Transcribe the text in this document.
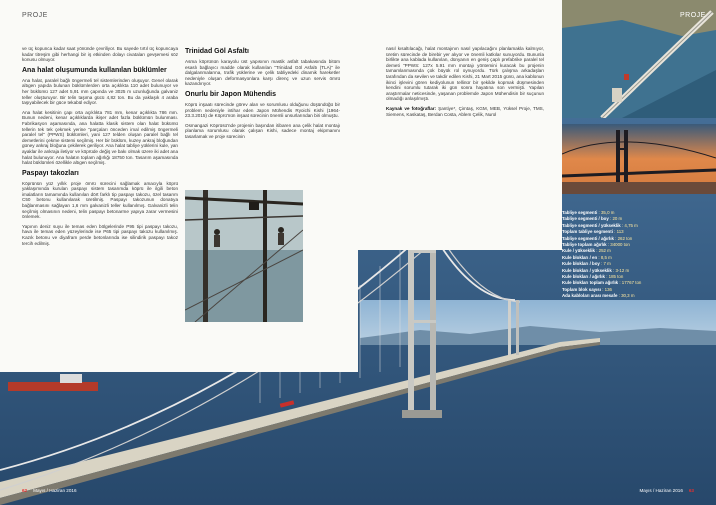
PROJE

ve üç kopunca kadar saat yönünde çevriliyor. Bu sayede tırtıl üç kopuncaya kadar titreşim gibi herhangi bir iş etkinden dolayı civataları gevşemesi söz konusu olmuyor.

Ana halat oluşumunda kullanılan büklümler

Ana halat, paralel bağlı öngermeli tel sistemlerinden oluşuyor. Genel olarak altıgen yapıda bulunan büklümlerden orta açıklıkta 110 adet bulunuyor ve her büklümü 127 adet 5,91 mm çapında ve 3025 m uzunluğunda galvaniz teller oluşturuyor. Bir telin taşıma gücü 4,82 ton. Bu da yaklaşık 4 araba taşıyabilecek bir güce tekabül ediyor.

Ana halat kesitinin çapı orta açıklıkta 781 mm, kenar açıklıkta 786 mm. Bunun nedeni, kenar açıklıklarda ikişer adet fazla büklümün bulunması. Fabrikasyon aşamasında, ana halatta klasik sistem olan halat bükümü tellerin tek tek çekmek yerine "parçaları önceden imal edilmiş öngermeli paralel tel" (PPWS) büklümleri, yani 127 telden oluşan paralel bağlı tel demetlerini çekme sistemi seçilmiş. Her bir büklüm, kuzey ankraj bloğundan güney ankraj bloğuna çekilerek geriliyor. Ana halat tabliye yüklerini kule, yan ayaklar ile ankraja iletiyor ve köprüde değiş ve bakı olmak üzere iki adet ana halat bulunuyor. Ana halatın toplam ağırlığı 18750 ton. Tasarım aşamasında halat büklümleri özellikle altıgen seçilmiş.

Paspayı takozları

Köprünün yüz yıllık proje ömrü sürecini sağlamak amacıyla köprü yaklaşımında kurulan paspayı sistem tasarımda köprü ile ilgili beton imalatların tamamında kullanılan dört farklı tip paspayı takozu, özel tasarım C50 betonu kullanılarak üretilmiş. Paspayı takozunun donatıya bağlanmasını sağlayan 1,6 mm galvanizli teller kullanılmış. Galvanizli telin seçilmiş olmasının nedeni, telin paspayı betonarme yapıya zarar vermesini önlemek.

Yapının deniz suyu ile temas eden bölgelerinde P95 tipi paspayı takozu, hava ile temas eden yüzeylerinde ise P65 tipi paspayı takozu kullanılmış. Kazık betonu ve diyafram perde betonlarında ise silindirik paspayı takoz tercih edilmiş.

Trinidad Göl Asfaltı

Asma köprünün karayolu üst yapısının mastik asfalt tabakasında bitüm esaslı bağlayıcı madde olarak kullanılan "Trinidad Göl Asfaltı (TLA)" ile dalgalanmalarına, trafik yüklerine ve çelik tabliyedeki dinamik hareketler nedeniyle oluşan deformasyonlara karşı direnç ve uzun servis ömrü kazandırıyor.

Onurlu bir Japon Mühendis

Köprü inşaatı sürecinde görev alan ve sorumlusu olduğunu düşündüğü bir problem nedeniyle intihar eden Japon Mühendis Ryoichi Kishi (1964-23.3.2015) de Köprü'nün inşaat sürecinin önemli unsurlarından biri olmuştu.

Osmangazi Köprüsü'nde projenin başından itibaren ana çelik halat montajı planlama sorumlusu olarak çalışan Kishi, sadece montaj ekipmanını tasarlamak ve proje sürecinin

62 Mayıs / Haziran 2016

nasıl kısaltılacağı, halat montajının nasıl yapılacağını planlamakla kalmıyor, üretim sürecinde de birebir yer alıyor ve önemli katkılar sunuyordu. Bununla birlikte ana kablada kullanılan, dünyanın en geniş çaplı prefabrike paralel tel demeti "PPWS: 127x 5.91 mm montajı yöntemini kuracak bu projenin tamamlanmasında çok büyük rol oynuyordu. Türk çalışma arkadaşları tarafından da sevilen ve takdir edilen Kishi, 21 Mart 2015 günü, ana kablonun ikinci işlevini gören kediyolunun tellinür bir şekilde kopmak düşmesinden kendini sorumlu tutarak iki gün sonra hayatına son vermişti. Yapılan araştırmalar neticesinde, yaşanan problemde Japon Mühendisin bir suçunun olmadığı anlaşılmıştı.

Kaynak ve fotoğraflar: Şantiye*, Çimtaş, KGM, MEB, Yüksel Proje, TMS, Siemens, Kaskataş, Berdan Costa, Ablem Çelik, Nurol

PROJE
Tabliye segmenti : 35,0 m
Tabliye segmenti / boy : 20 m
Tabliye segmenti / yükseklik : 4,75 m
Toplam tabliye segmenti : 113
Tabliye segmenti / ağırlık : 262 ton
Tabliye toplam ağırlık : 34000 ton
Kule / yükseklik : 252 m
Kule blokları / en : 8,5 m
Kule blokları / boy : 7 m
Kule blokları / yükseklik : 3-12 m
Kule blokları / ağırlık : 185 ton
Kule blokları toplam ağırlık : 17767 ton
Toplam blok sayısı : 136
Ada kabloları arası mesafe : 30,3 m
Mayıs / Haziran 2016 63
